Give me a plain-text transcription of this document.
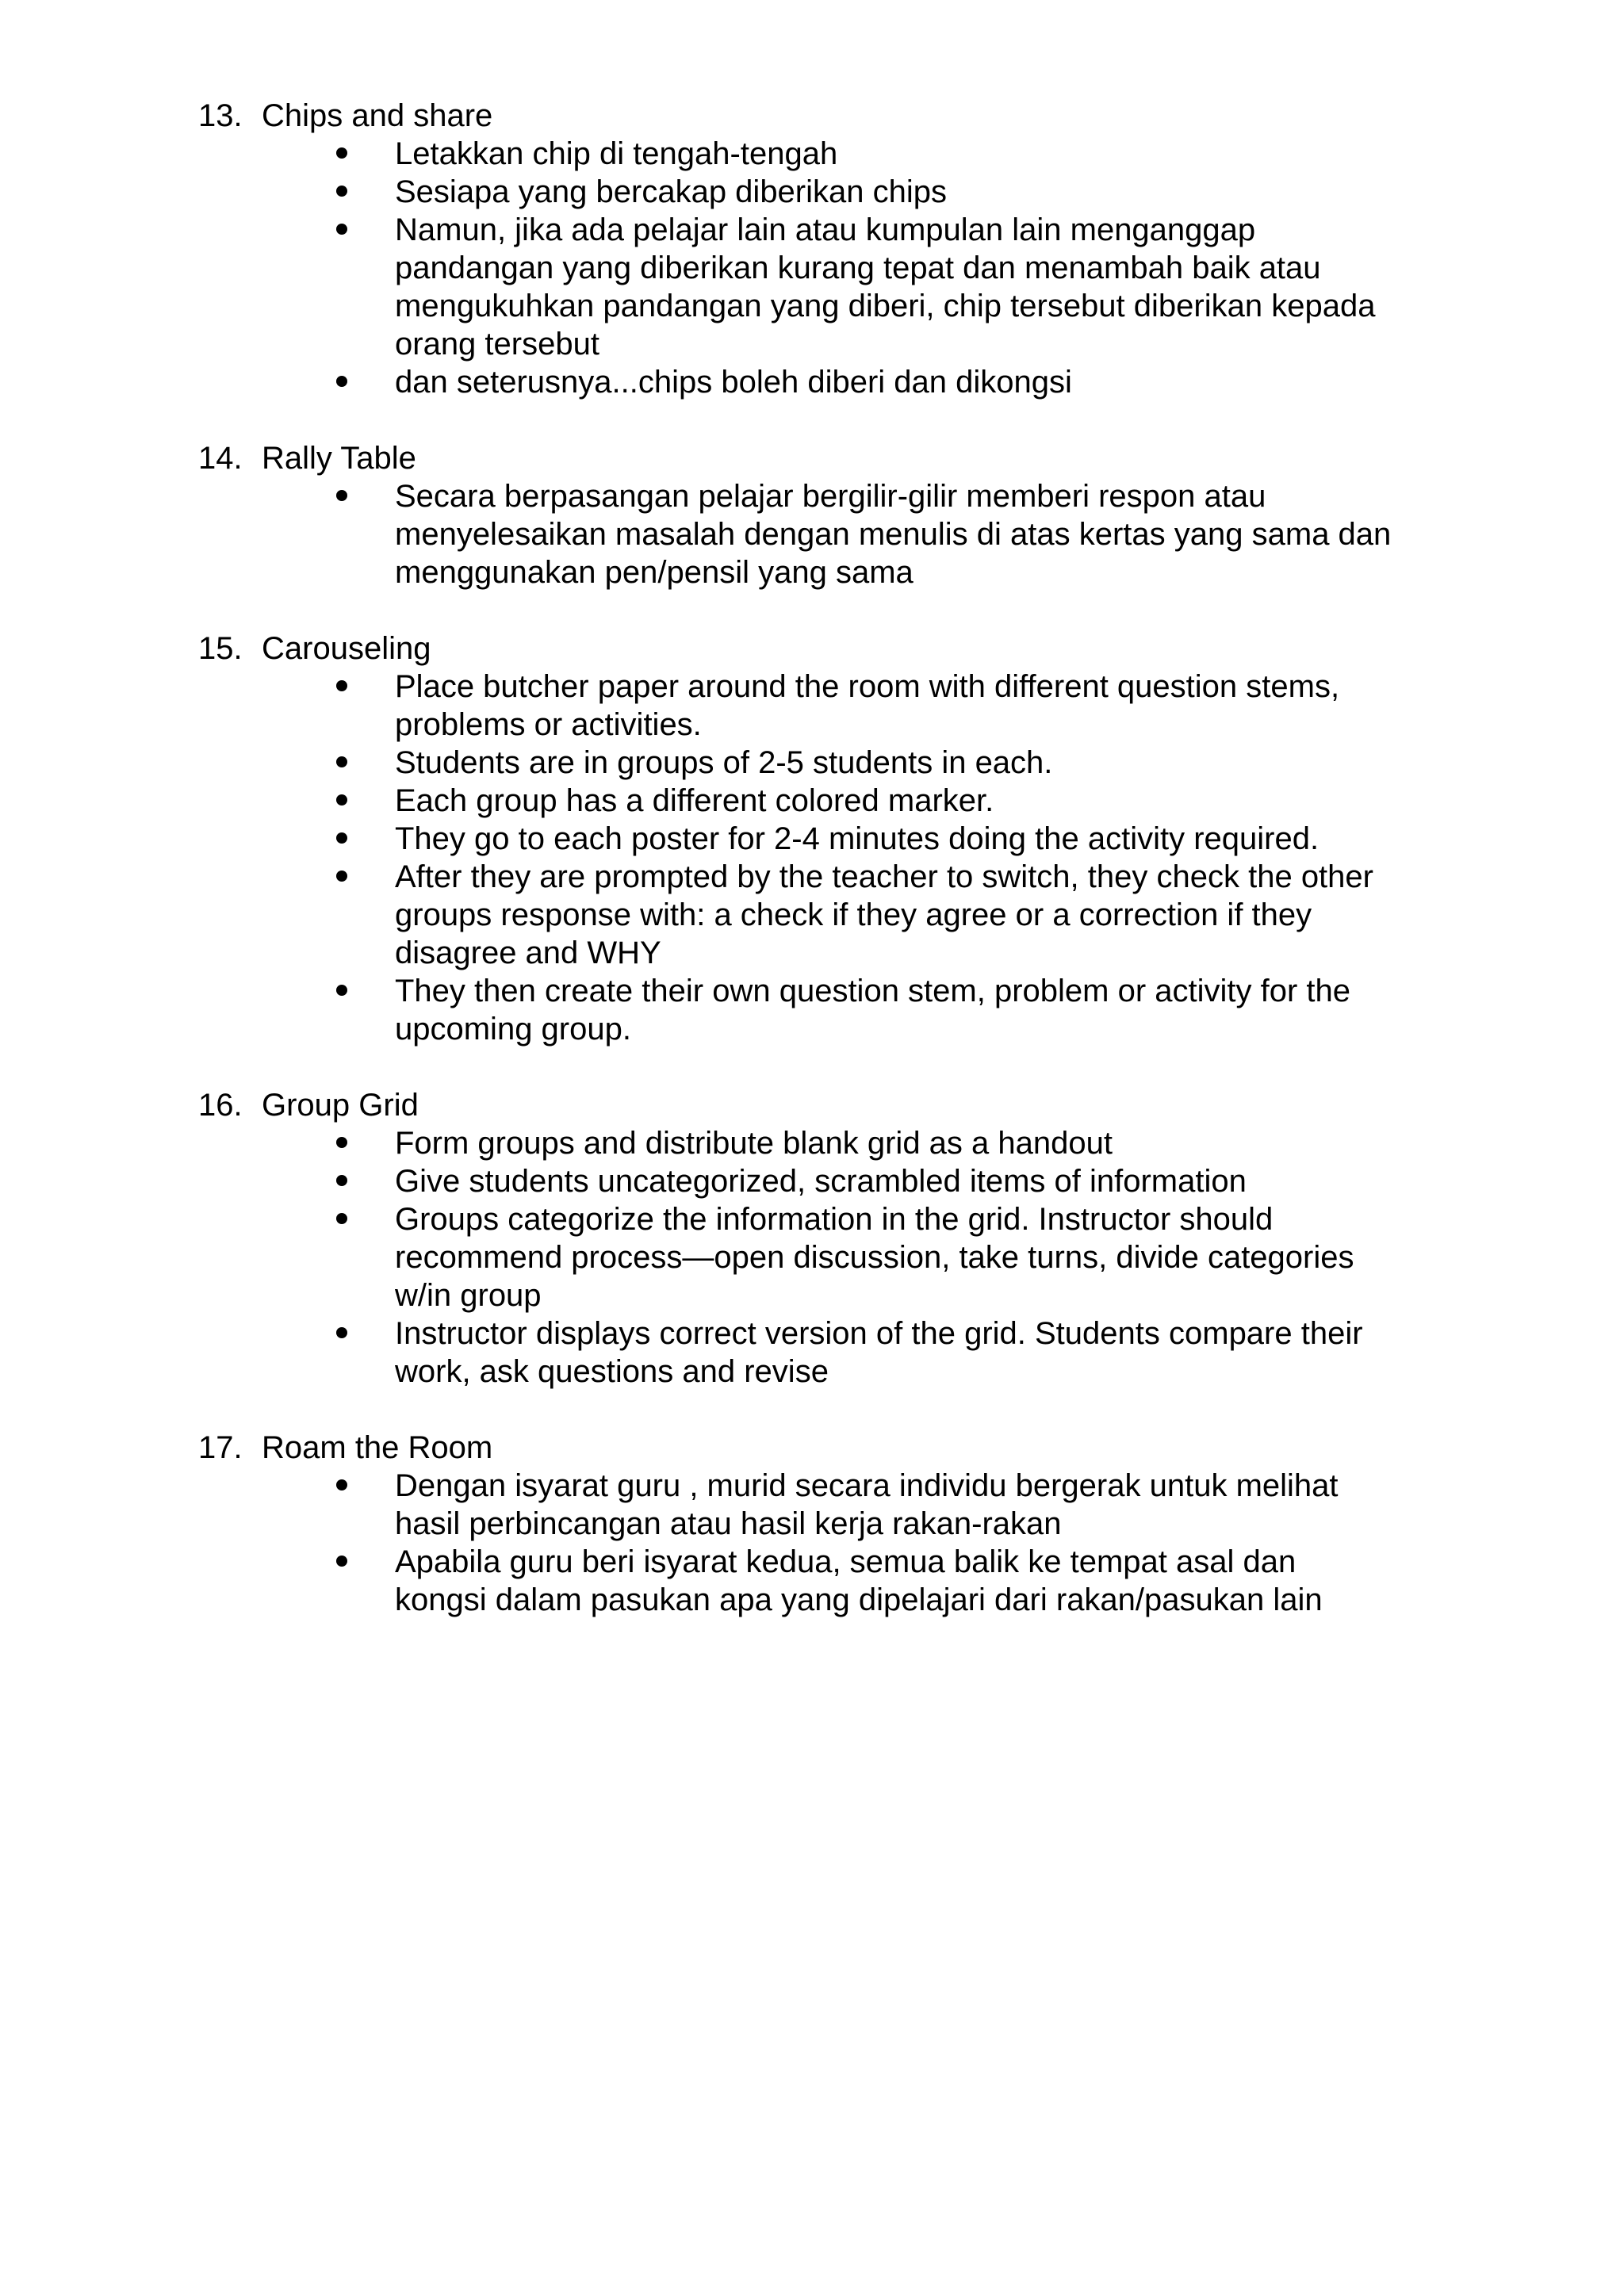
13. Chips and share
Letakkan chip di tengah-tengah
Sesiapa yang bercakap diberikan chips
Namun, jika ada pelajar lain atau kumpulan lain menganggap
pandangan yang diberikan kurang tepat dan menambah baik atau
mengukuhkan pandangan yang diberi, chip tersebut diberikan kepada
orang tersebut
dan seterusnya...chips boleh diberi dan dikongsi
14. Rally Table
Secara berpasangan pelajar bergilir-gilir memberi respon atau
menyelesaikan masalah dengan menulis di atas kertas yang sama dan
menggunakan pen/pensil yang sama
15. Carouseling
Place butcher paper around the room with different question stems,
problems or activities.
Students are in groups of 2-5 students in each.
Each group has a different colored marker.
They go to each poster for 2-4 minutes doing the activity required.
After they are prompted by the teacher to switch, they check the other
groups response with: a check if they agree or a correction if they
disagree and WHY
They then create their own question stem, problem or activity for the
upcoming group.
16. Group Grid
Form groups and distribute blank grid as a handout
Give students uncategorized, scrambled items of information
Groups categorize the information in the grid. Instructor should
recommend process—open discussion, take turns, divide categories
w/in group
Instructor displays correct version of the grid. Students compare their
work, ask questions and revise
17. Roam the Room
Dengan isyarat guru , murid secara individu bergerak untuk melihat
hasil perbincangan atau hasil kerja rakan-rakan
Apabila guru beri isyarat kedua, semua balik ke tempat asal dan
kongsi dalam pasukan apa yang dipelajari dari rakan/pasukan lain
